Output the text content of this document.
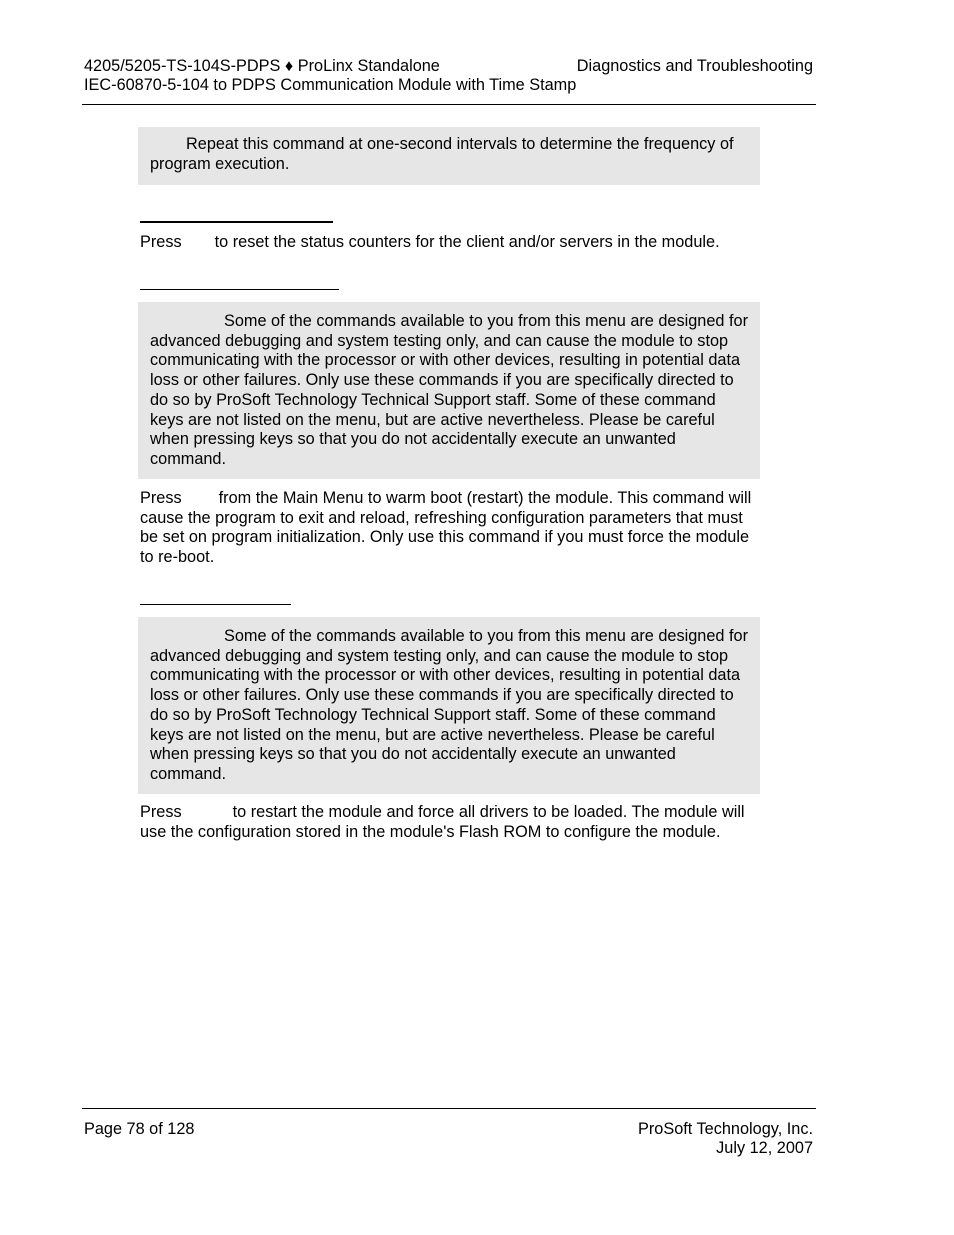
4205/5205-TS-104S-PDPS ♦ ProLinx Standalone
IEC-60870-5-104 to PDPS Communication Module with Time Stamp
Diagnostics and Troubleshooting
Repeat this command at one-second intervals to determine the frequency of program execution.
Press to reset the status counters for the client and/or servers in the module.
Some of the commands available to you from this menu are designed for advanced debugging and system testing only, and can cause the module to stop communicating with the processor or with other devices, resulting in potential data loss or other failures. Only use these commands if you are specifically directed to do so by ProSoft Technology Technical Support staff. Some of these command keys are not listed on the menu, but are active nevertheless. Please be careful when pressing keys so that you do not accidentally execute an unwanted command.
Press from the Main Menu to warm boot (restart) the module. This command will cause the program to exit and reload, refreshing configuration parameters that must be set on program initialization. Only use this command if you must force the module to re-boot.
Some of the commands available to you from this menu are designed for advanced debugging and system testing only, and can cause the module to stop communicating with the processor or with other devices, resulting in potential data loss or other failures. Only use these commands if you are specifically directed to do so by ProSoft Technology Technical Support staff. Some of these command keys are not listed on the menu, but are active nevertheless. Please be careful when pressing keys so that you do not accidentally execute an unwanted command.
Press	to restart the module and force all drivers to be loaded. The module will use the configuration stored in the module's Flash ROM to configure the module.
Page 78 of 128	ProSoft Technology, Inc.
July 12, 2007
